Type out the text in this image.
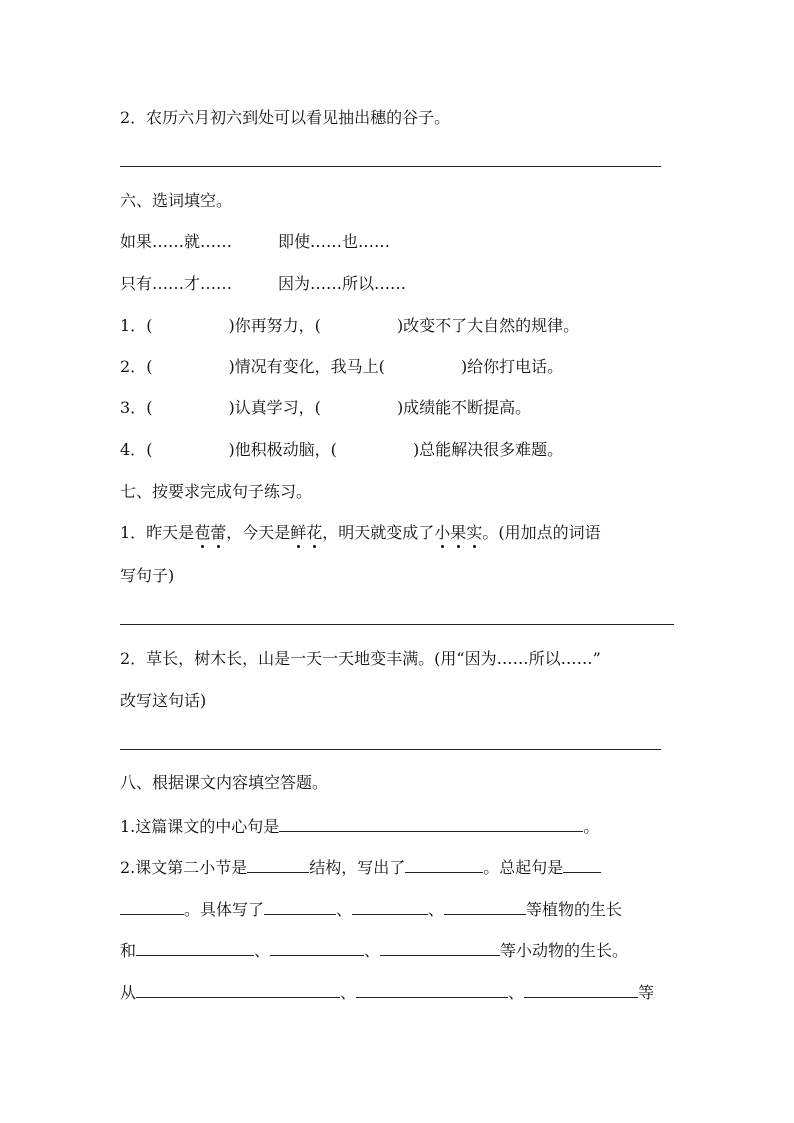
2．农历六月初六到处可以看见抽出穗的谷子。
六、选词填空。
如果……就……	即使……也……
只有……才……	因为……所以……
1．(	)你再努力，(	)改变不了大自然的规律。
2．(	)情况有变化，我马上(	)给你打电话。
3．(	)认真学习，(	)成绩能不断提高。
4．(	)他积极动脑，(	)总能解决很多难题。
七、按要求完成句子练习。
1．昨天是苞蕾，今天是鲜花，明天就变成了小果实。(用加点的词语
写句子)
2．草长，树木长，山是一天一天地变丰满。(用“因为……所以……”
改写这句话)
八、根据课文内容填空答题。
1.这篇课文的中心句是	。
2.课文第二小节是	结构，写出了	。总起句是
。具体写了	、	、	等植物的生长
和	、	、	等小动物的生长。
从	、	、	等
